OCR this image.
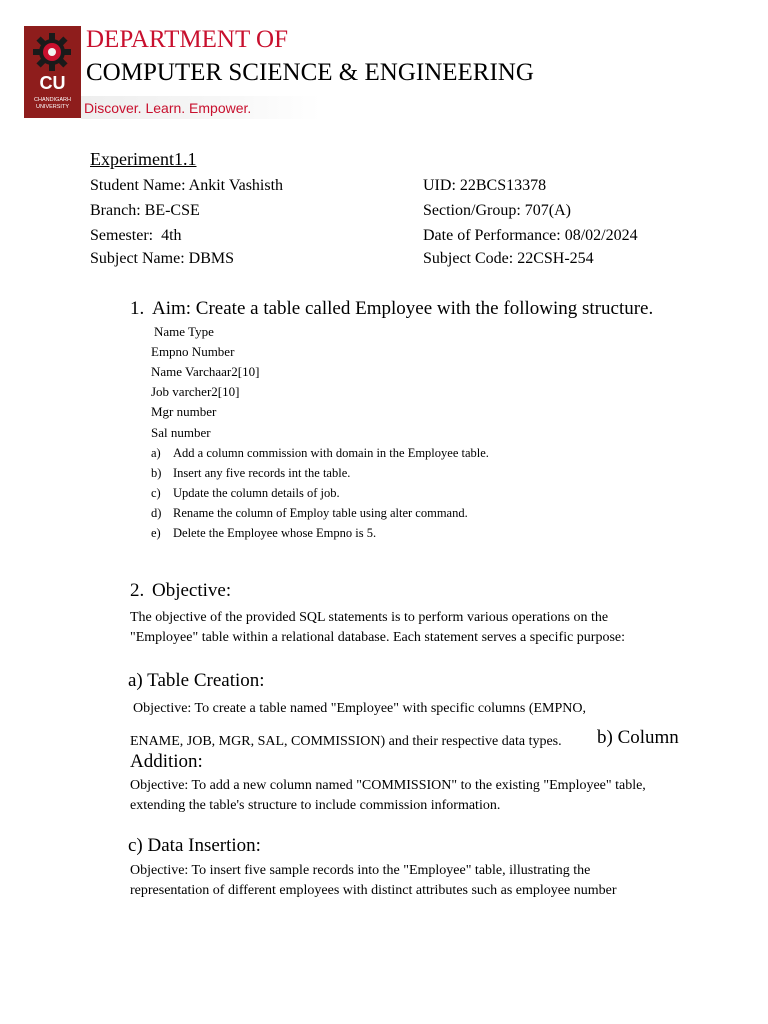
CU
CHANDIGARH UNIVERSITY
DEPARTMENT OF
COMPUTER SCIENCE & ENGINEERING
Discover. Learn. Empower.
Experiment1.1
Student Name: Ankit Vashisth	UID: 22BCS13378
Branch: BE-CSE	Section/Group: 707(A)
Semester:  4th	Date of Performance: 08/02/2024
Subject Name: DBMS	Subject Code: 22CSH-254
1. Aim: Create a table called Employee with the following structure.
Name Type
Empno Number
Name Varchaar2[10]
Job varcher2[10]
Mgr number
Sal number
a) Add a column commission with domain in the Employee table.
b) Insert any five records int the table.
c) Update the column details of job.
d) Rename the column of Employ table using alter command.
e) Delete the Employee whose Empno is 5.
2. Objective:
The objective of the provided SQL statements is to perform various operations on the
"Employee" table within a relational database. Each statement serves a specific purpose:
a) Table Creation:
Objective: To create a table named "Employee" with specific columns (EMPNO,
ENAME, JOB, MGR, SAL, COMMISSION) and their respective data types. b) Column
Addition:
Objective: To add a new column named "COMMISSION" to the existing "Employee" table,
extending the table's structure to include commission information.
c) Data Insertion:
Objective: To insert five sample records into the "Employee" table, illustrating the
representation of different employees with distinct attributes such as employee number
